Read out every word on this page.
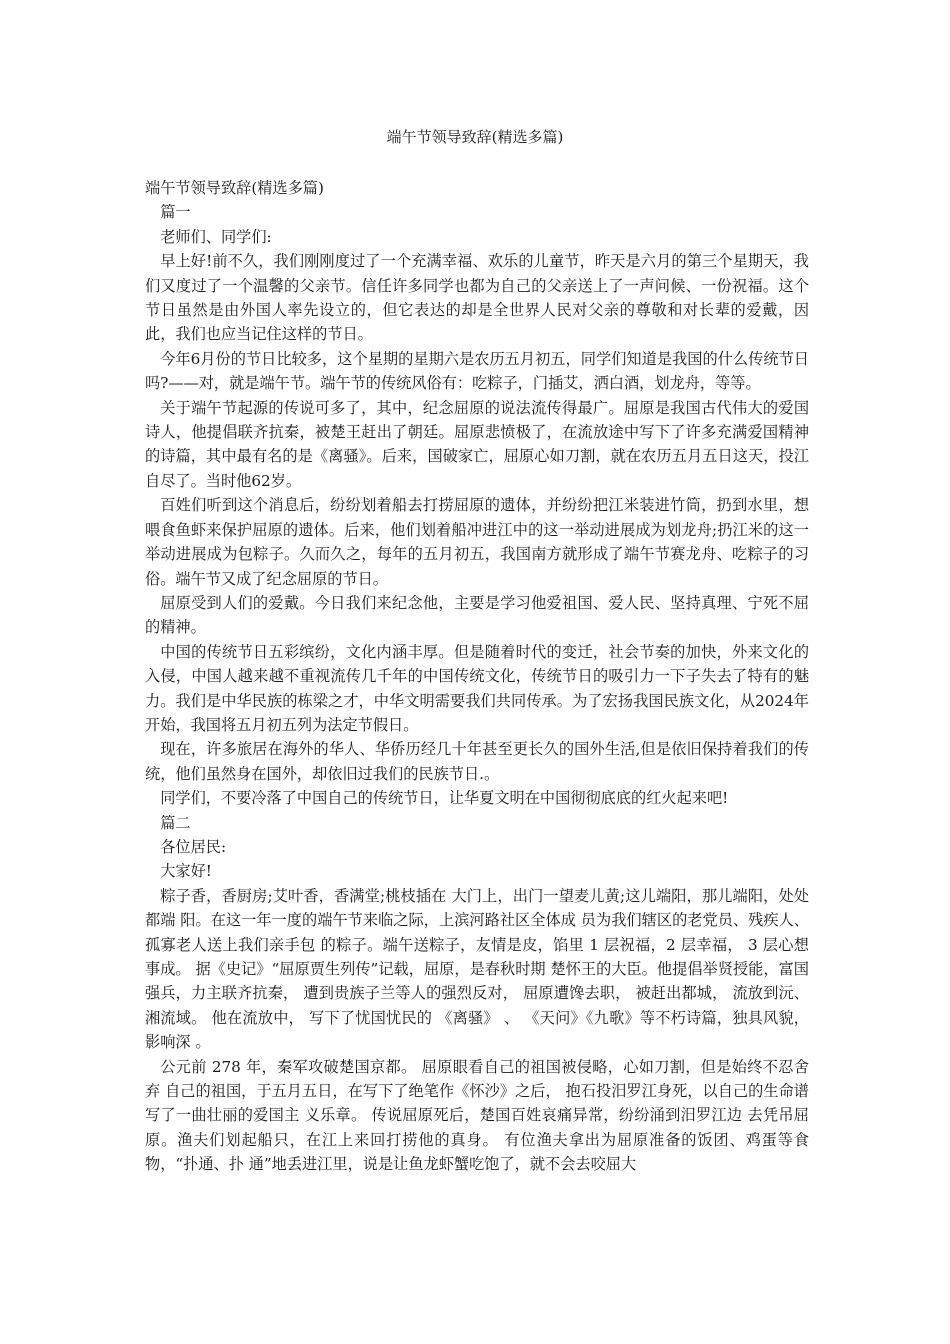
端午节领导致辞(精选多篇)

端午节领导致辞(精选多篇)

篇一

老师们、同学们:

早上好!前不久，我们刚刚度过了一个充满幸福、欢乐的儿童节，昨天是六月的第三个星期天，我们又度过了一个温馨的父亲节。信任许多同学也都为自己的父亲送上了一声问候、一份祝福。这个节日虽然是由外国人率先设立的，但它表达的却是全世界人民对父亲的尊敬和对长辈的爱戴，因此，我们也应当记住这样的节日。

今年6月份的节日比较多，这个星期的星期六是农历五月初五，同学们知道是我国的什么传统节日吗?——对，就是端午节。端午节的传统风俗有：吃粽子，门插艾，洒白酒，划龙舟，等等。

关于端午节起源的传说可多了，其中，纪念屈原的说法流传得最广。屈原是我国古代伟大的爱国诗人，他提倡联齐抗秦，被楚王赶出了朝廷。屈原悲愤极了，在流放途中写下了许多充满爱国精神的诗篇，其中最有名的是《离骚》。后来，国破家亡，屈原心如刀割，就在农历五月五日这天，投江自尽了。当时他62岁。

百姓们听到这个消息后，纷纷划着船去打捞屈原的遗体，并纷纷把江米装进竹筒，扔到水里，想喂食鱼虾来保护屈原的遗体。后来，他们划着船冲进江中的这一举动进展成为划龙舟;扔江米的这一举动进展成为包粽子。久而久之，每年的五月初五，我国南方就形成了端午节赛龙舟、吃粽子的习俗。端午节又成了纪念屈原的节日。

屈原受到人们的爱戴。今日我们来纪念他，主要是学习他爱祖国、爱人民、坚持真理、宁死不屈的精神。

中国的传统节日五彩缤纷，文化内涵丰厚。但是随着时代的变迁，社会节奏的加快，外来文化的入侵，中国人越来越不重视流传几千年的中国传统文化，传统节日的吸引力一下子失去了特有的魅力。我们是中华民族的栋梁之才，中华文明需要我们共同传承。为了宏扬我国民族文化，从2024年开始，我国将五月初五列为法定节假日。

现在，许多旅居在海外的华人、华侨历经几十年甚至更长久的国外生活,但是依旧保持着我们的传统，他们虽然身在国外，却依旧过我们的民族节日.。

同学们，不要冷落了中国自己的传统节日，让华夏文明在中国彻彻底底的红火起来吧!

篇二

各位居民:

大家好!

粽子香，香厨房;艾叶香，香满堂;桃枝插在 大门上，出门一望麦儿黄;这儿端阳，那儿端阳，处处都端 阳。在这一年一度的端午节来临之际，上滨河路社区全体成 员为我们辖区的老党员、残疾人、孤寡老人送上我们亲手包 的粽子。端午送粽子，友情是皮，馅里 1 层祝福，2 层幸福， 3 层心想事成。 据《史记》“屈原贾生列传”记载，屈原，是春秋时期 楚怀王的大臣。他提倡举贤授能，富国强兵，力主联齐抗秦， 遭到贵族子兰等人的强烈反对， 屈原遭馋去职， 被赶出都城， 流放到沅、 湘流域。 他在流放中， 写下了忧国忧民的 《离骚》 、 《天问》《九歌》等不朽诗篇，独具风貌，影响深 。

公元前 278 年，秦军攻破楚国京都。 屈原眼看自己的祖国被侵略，心如刀割，但是始终不忍舍弃 自己的祖国，于五月五日，在写下了绝笔作《怀沙》之后， 抱石投汨罗江身死，以自己的生命谱写了一曲壮丽的爱国主 义乐章。 传说屈原死后，楚国百姓哀痛异常，纷纷涌到汨罗江边 去凭吊屈原。渔夫们划起船只，在江上来回打捞他的真身。 有位渔夫拿出为屈原准备的饭团、鸡蛋等食物，“扑通、扑 通”地丢进江里，说是让鱼龙虾蟹吃饱了，就不会去咬屈大
